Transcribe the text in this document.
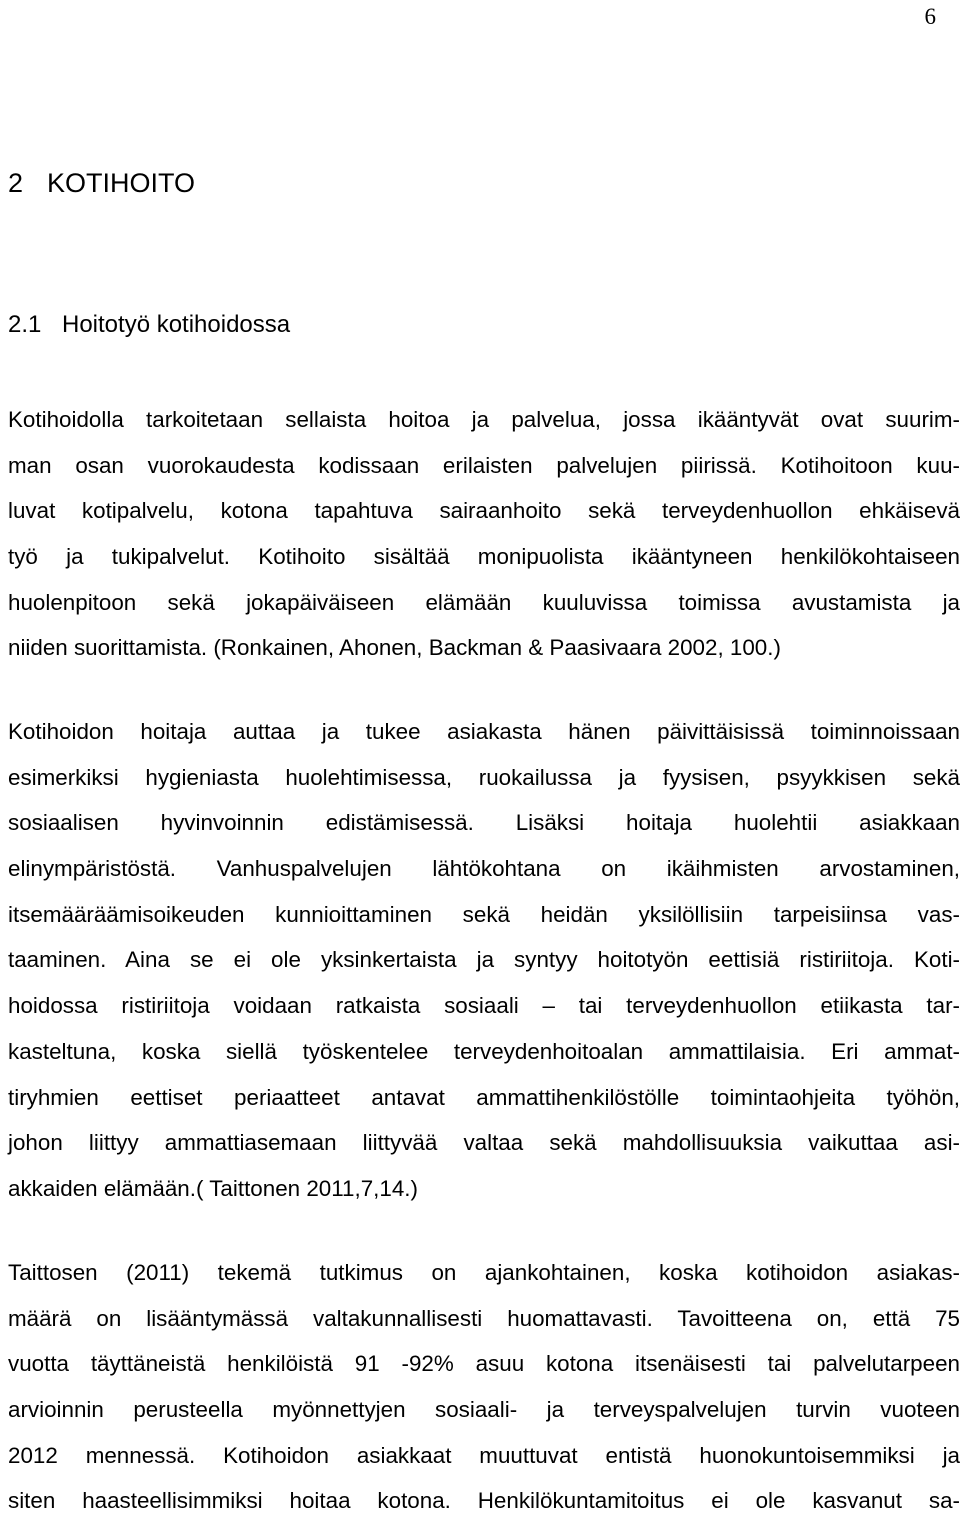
6
2 KOTIHOITO
2.1 Hoitotyö kotihoidossa
Kotihoidolla tarkoitetaan sellaista hoitoa ja palvelua, jossa ikääntyvät ovat suurim-
man osan vuorokaudesta kodissaan erilaisten palvelujen piirissä. Kotihoitoon kuu-
luvat kotipalvelu, kotona tapahtuva sairaanhoito sekä terveydenhuollon ehkäisevä
työ ja tukipalvelut. Kotihoito sisältää monipuolista ikääntyneen henkilökohtaiseen
huolenpitoon sekä jokapäiväiseen elämään kuuluvissa toimissa avustamista ja
niiden suorittamista. (Ronkainen, Ahonen, Backman & Paasivaara 2002, 100.)
Kotihoidon hoitaja auttaa ja tukee asiakasta hänen päivittäisissä toiminnoissaan
esimerkiksi hygieniasta huolehtimisessa, ruokailussa ja fyysisen, psyykkisen sekä
sosiaalisen hyvinvoinnin edistämisessä. Lisäksi hoitaja huolehtii asiakkaan
elinympäristöstä. Vanhuspalvelujen lähtökohtana on ikäihmisten arvostaminen,
itsemääräämisoikeuden kunnioittaminen sekä heidän yksilöllisiin tarpeisiinsa vas-
taaminen. Aina se ei ole yksinkertaista ja syntyy hoitotyön eettisiä ristiriitoja. Koti-
hoidossa ristiriitoja voidaan ratkaista sosiaali – tai terveydenhuollon etiikasta tar-
kasteltuna, koska siellä työskentelee terveydenhoitoalan ammattilaisia. Eri ammat-
tiryhmien eettiset periaatteet antavat ammattihenkilöstölle toimintaohjeita työhön,
johon liittyy ammattiasemaan liittyvää valtaa sekä mahdollisuuksia vaikuttaa asi-
akkaiden elämään.( Taittonen 2011,7,14.)
Taittosen (2011) tekemä tutkimus on ajankohtainen, koska kotihoidon asiakas-
määrä on lisääntymässä valtakunnallisesti huomattavasti. Tavoitteena on, että 75
vuotta täyttäneistä henkilöistä 91 -92% asuu kotona itsenäisesti tai palvelutarpeen
arvioinnin perusteella myönnettyjen sosiaali- ja terveyspalvelujen turvin vuoteen
2012 mennessä. Kotihoidon asiakkaat muuttuvat entistä huonokuntoisemmiksi ja
siten haasteellisimmiksi hoitaa kotona. Henkilökuntamitoitus ei ole kasvanut sa-
